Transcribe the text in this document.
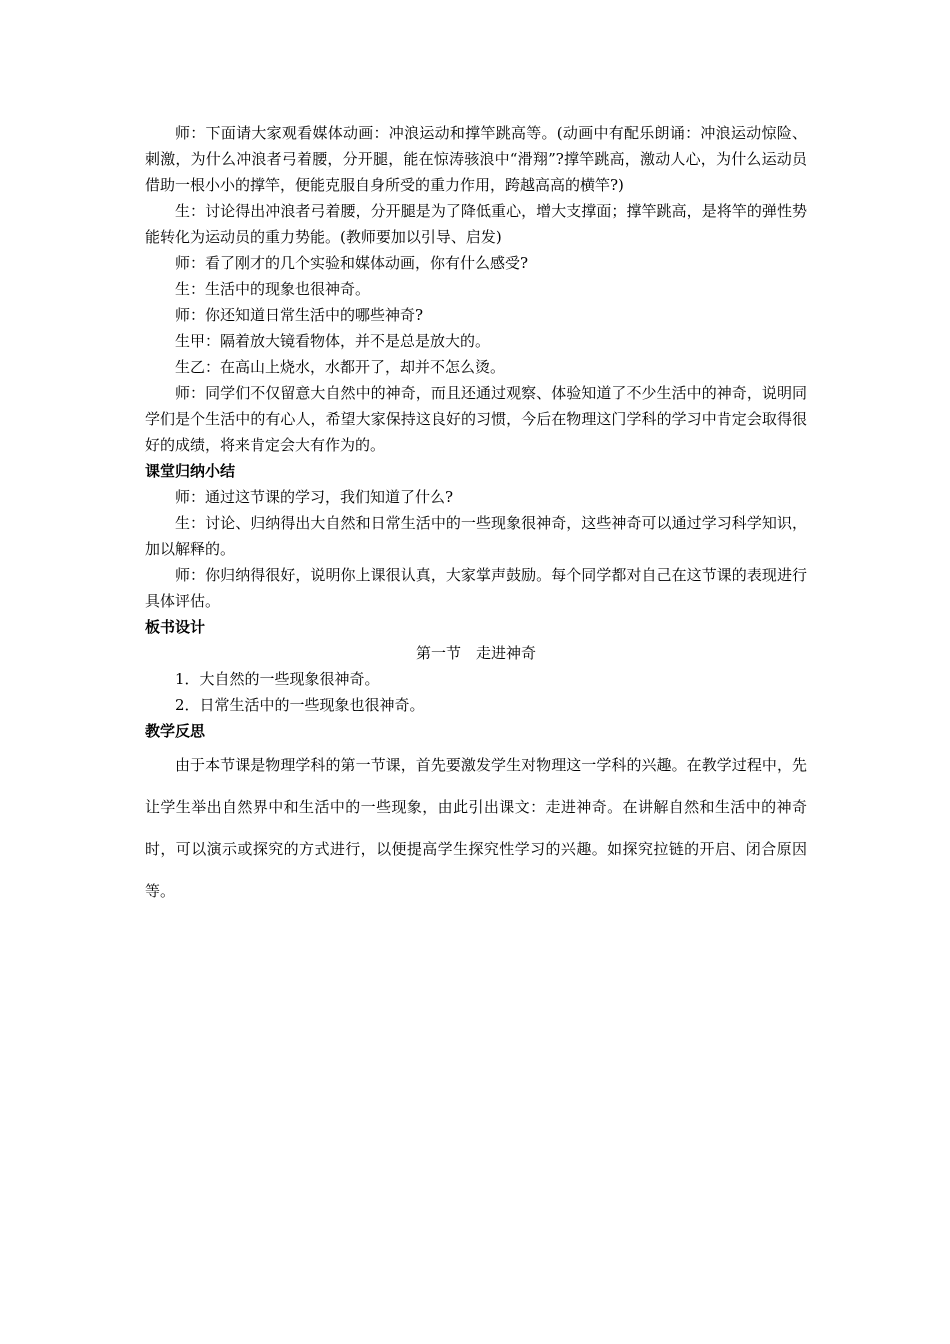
师：下面请大家观看媒体动画：冲浪运动和撑竿跳高等。(动画中有配乐朗诵：冲浪运动惊险、刺激，为什么冲浪者弓着腰，分开腿，能在惊涛骇浪中“滑翔”?撑竿跳高，激动人心，为什么运动员借助一根小小的撑竿，便能克服自身所受的重力作用，跨越高高的横竿?)

生：讨论得出冲浪者弓着腰，分开腿是为了降低重心，增大支撑面；撑竿跳高，是将竿的弹性势能转化为运动员的重力势能。(教师要加以引导、启发)

师：看了刚才的几个实验和媒体动画，你有什么感受?

生：生活中的现象也很神奇。

师：你还知道日常生活中的哪些神奇?

生甲：隔着放大镜看物体，并不是总是放大的。

生乙：在高山上烧水，水都开了，却并不怎么烫。

师：同学们不仅留意大自然中的神奇，而且还通过观察、体验知道了不少生活中的神奇，说明同学们是个生活中的有心人，希望大家保持这良好的习惯，今后在物理这门学科的学习中肯定会取得很好的成绩，将来肯定会大有作为的。

课堂归纳小结

师：通过这节课的学习，我们知道了什么?

生：讨论、归纳得出大自然和日常生活中的一些现象很神奇，这些神奇可以通过学习科学知识，加以解释的。

师：你归纳得很好，说明你上课很认真，大家掌声鼓励。每个同学都对自己在这节课的表现进行具体评估。

板书设计

第一节　走进神奇

1．大自然的一些现象很神奇。

2．日常生活中的一些现象也很神奇。

教学反思

由于本节课是物理学科的第一节课，首先要激发学生对物理这一学科的兴趣。在教学过程中，先让学生举出自然界中和生活中的一些现象，由此引出课文：走进神奇。在讲解自然和生活中的神奇时，可以演示或探究的方式进行，以便提高学生探究性学习的兴趣。如探究拉链的开启、闭合原因等。
